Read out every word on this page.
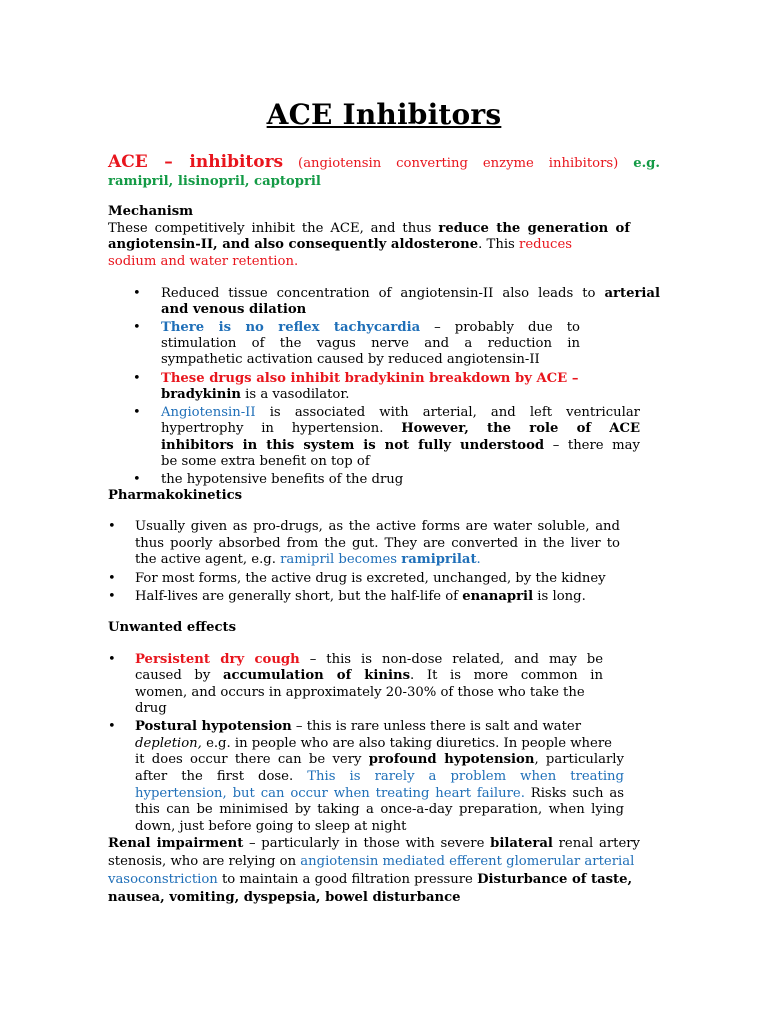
ACE Inhibitors
ACE – inhibitors (angiotensin converting enzyme inhibitors) e.g.
ramipril, lisinopril, captopril
Mechanism
These competitively inhibit the ACE, and thus reduce the generation of
angiotensin-II, and also consequently aldosterone. This reduces
sodium and water retention.
• Reduced tissue concentration of angiotensin-II also leads to arterial
and venous dilation
• There is no reflex tachycardia – probably due to
stimulation of the vagus nerve and a reduction in
sympathetic activation caused by reduced angiotensin-II
• These drugs also inhibit bradykinin breakdown by ACE –
bradykinin is a vasodilator.
• Angiotensin-II is associated with arterial, and left ventricular
hypertrophy in hypertension. However, the role of ACE
inhibitors in this system is not fully understood – there may
be some extra benefit on top of
• the hypotensive benefits of the drug
Pharmakokinetics
• Usually given as pro-drugs, as the active forms are water soluble, and
thus poorly absorbed from the gut. They are converted in the liver to
the active agent, e.g. ramipril becomes ramiprilat.
• For most forms, the active drug is excreted, unchanged, by the kidney
• Half-lives are generally short, but the half-life of enanapril is long.
Unwanted effects
• Persistent dry cough – this is non-dose related, and may be
caused by accumulation of kinins. It is more common in
women, and occurs in approximately 20-30% of those who take the
drug
• Postural hypotension – this is rare unless there is salt and water
depletion, e.g. in people who are also taking diuretics. In people where
it does occur there can be very profound hypotension, particularly
after the first dose. This is rarely a problem when treating
hypertension, but can occur when treating heart failure. Risks such as
this can be minimised by taking a once-a-day preparation, when lying
down, just before going to sleep at night
Renal impairment – particularly in those with severe bilateral renal artery
stenosis, who are relying on angiotensin mediated efferent glomerular arterial
vasoconstriction to maintain a good filtration pressure Disturbance of taste,
nausea, vomiting, dyspepsia, bowel disturbance
